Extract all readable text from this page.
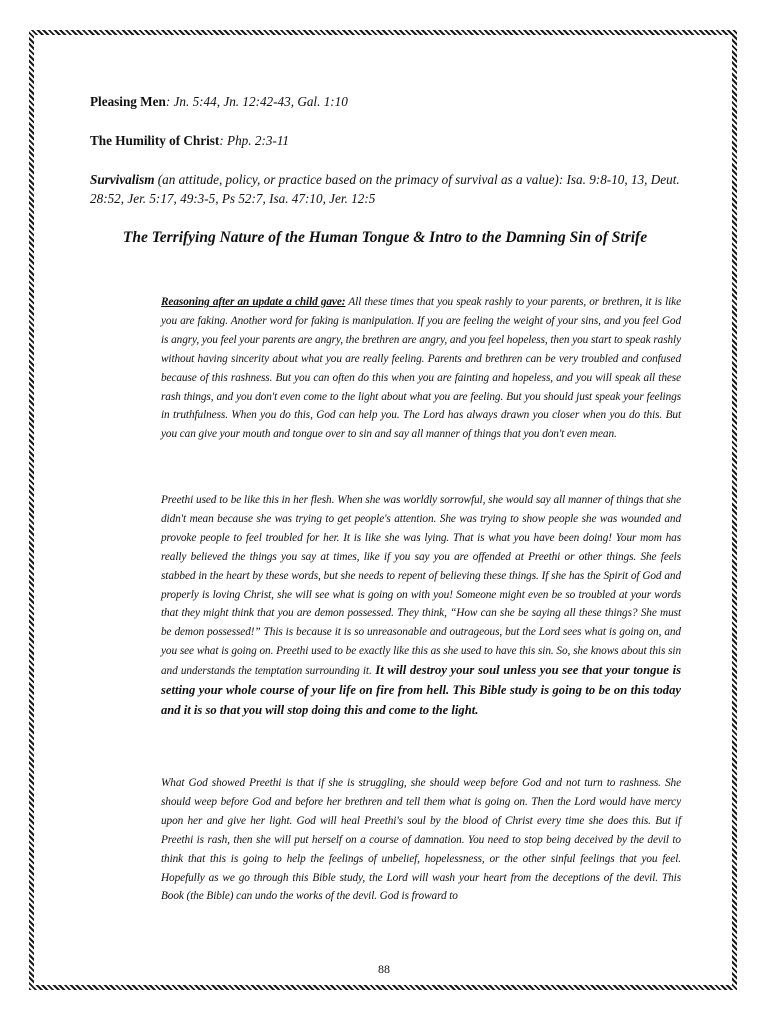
Pleasing Men: Jn. 5:44, Jn. 12:42-43, Gal. 1:10
The Humility of Christ: Php. 2:3-11
Survivalism (an attitude, policy, or practice based on the primacy of survival as a value): Isa. 9:8-10, 13, Deut. 28:52, Jer. 5:17, 49:3-5, Ps 52:7, Isa. 47:10, Jer. 12:5
The Terrifying Nature of the Human Tongue & Intro to the Damning Sin of Strife

Reasoning after an update a child gave: All these times that you speak rashly to your parents, or brethren, it is like you are faking. Another word for faking is manipulation. If you are feeling the weight of your sins, and you feel God is angry, you feel your parents are angry, the brethren are angry, and you feel hopeless, then you start to speak rashly without having sincerity about what you are really feeling. Parents and brethren can be very troubled and confused because of this rashness. But you can often do this when you are fainting and hopeless, and you will speak all these rash things, and you don't even come to the light about what you are feeling. But you should just speak your feelings in truthfulness. When you do this, God can help you. The Lord has always drawn you closer when you do this. But you can give your mouth and tongue over to sin and say all manner of things that you don't even mean.

Preethi used to be like this in her flesh. When she was worldly sorrowful, she would say all manner of things that she didn't mean because she was trying to get people's attention. She was trying to show people she was wounded and provoke people to feel troubled for her. It is like she was lying. That is what you have been doing! Your mom has really believed the things you say at times, like if you say you are offended at Preethi or other things. She feels stabbed in the heart by these words, but she needs to repent of believing these things. If she has the Spirit of God and properly is loving Christ, she will see what is going on with you! Someone might even be so troubled at your words that they might think that you are demon possessed. They think, “How can she be saying all these things? She must be demon possessed!” This is because it is so unreasonable and outrageous, but the Lord sees what is going on, and you see what is going on. Preethi used to be exactly like this as she used to have this sin. So, she knows about this sin and understands the temptation surrounding it. It will destroy your soul unless you see that your tongue is setting your whole course of your life on fire from hell. This Bible study is going to be on this today and it is so that you will stop doing this and come to the light.

What God showed Preethi is that if she is struggling, she should weep before God and not turn to rashness. She should weep before God and before her brethren and tell them what is going on. Then the Lord would have mercy upon her and give her light. God will heal Preethi's soul by the blood of Christ every time she does this. But if Preethi is rash, then she will put herself on a course of damnation. You need to stop being deceived by the devil to think that this is going to help the feelings of unbelief, hopelessness, or the other sinful feelings that you feel. Hopefully as we go through this Bible study, the Lord will wash your heart from the deceptions of the devil. This Book (the Bible) can undo the works of the devil. God is froward to

88
